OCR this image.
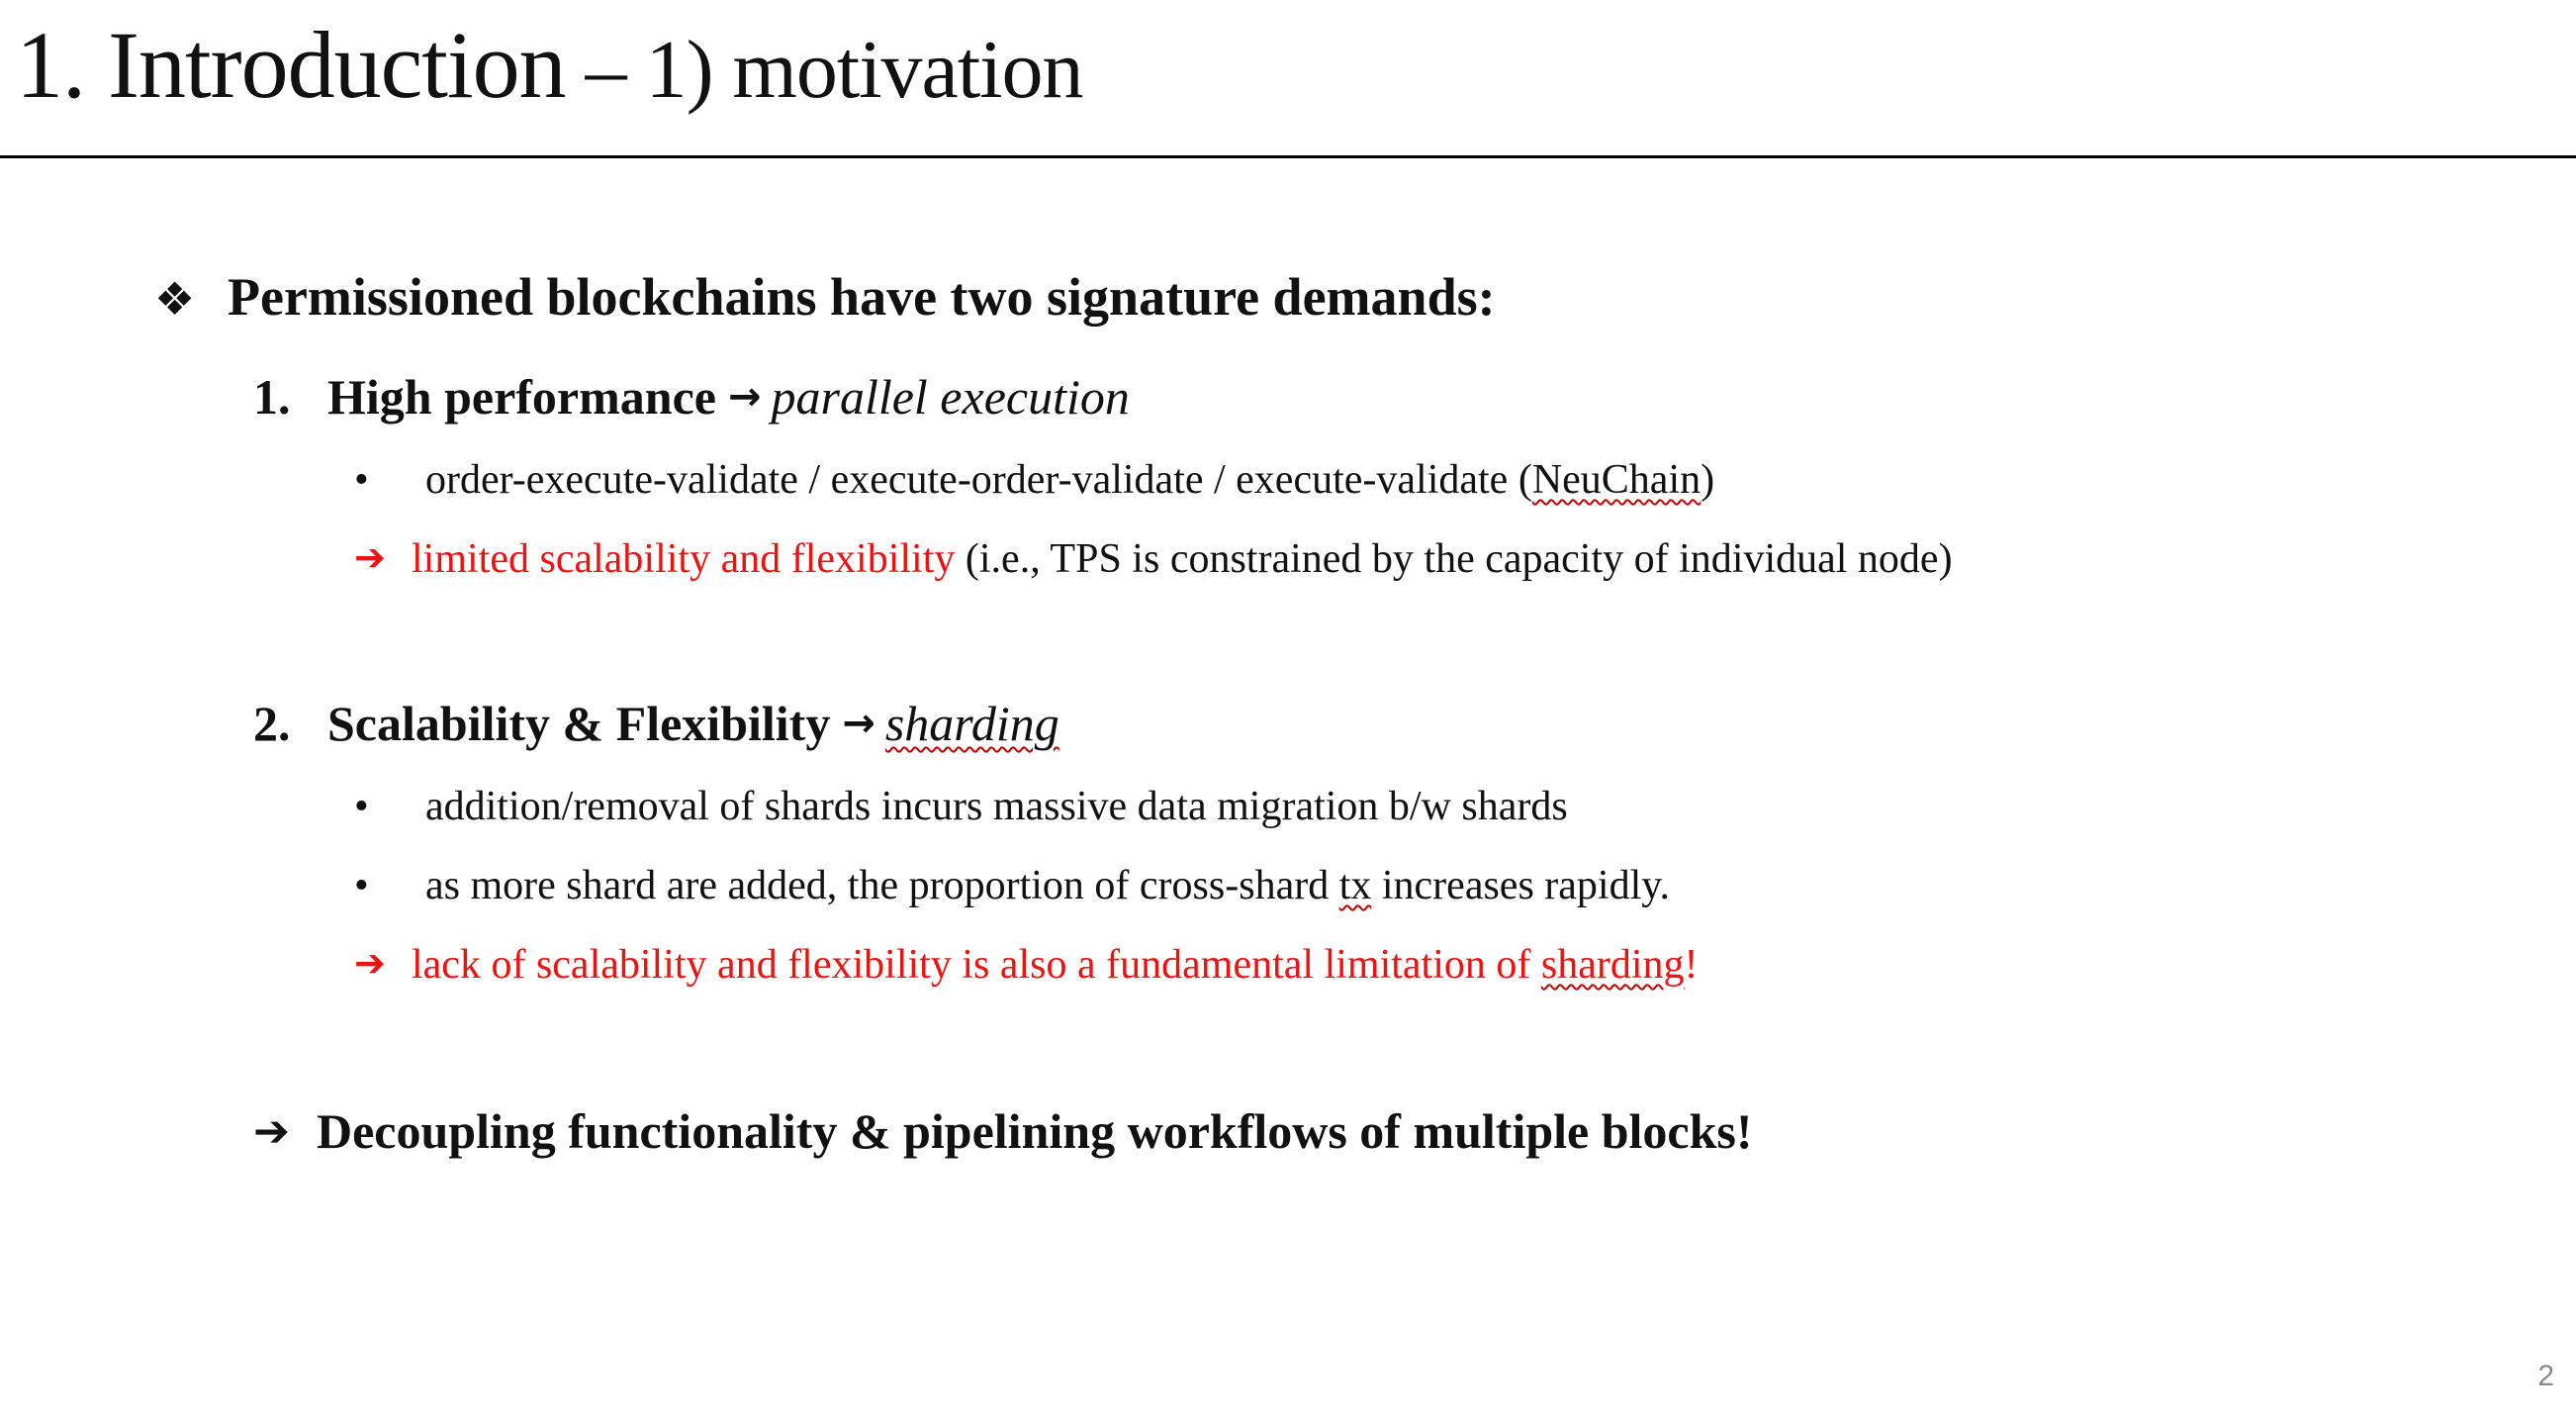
1. Introduction – 1) motivation
❖ Permissioned blockchains have two signature demands:
1. High performance → parallel execution
• order-execute-validate / execute-order-validate / execute-validate (NeuChain)
➔ limited scalability and flexibility (i.e., TPS is constrained by the capacity of individual node)
2. Scalability & Flexibility → sharding
• addition/removal of shards incurs massive data migration b/w shards
• as more shard are added, the proportion of cross-shard tx increases rapidly.
➔ lack of scalability and flexibility is also a fundamental limitation of sharding!
➔ Decoupling functionality & pipelining workflows of multiple blocks!
2
